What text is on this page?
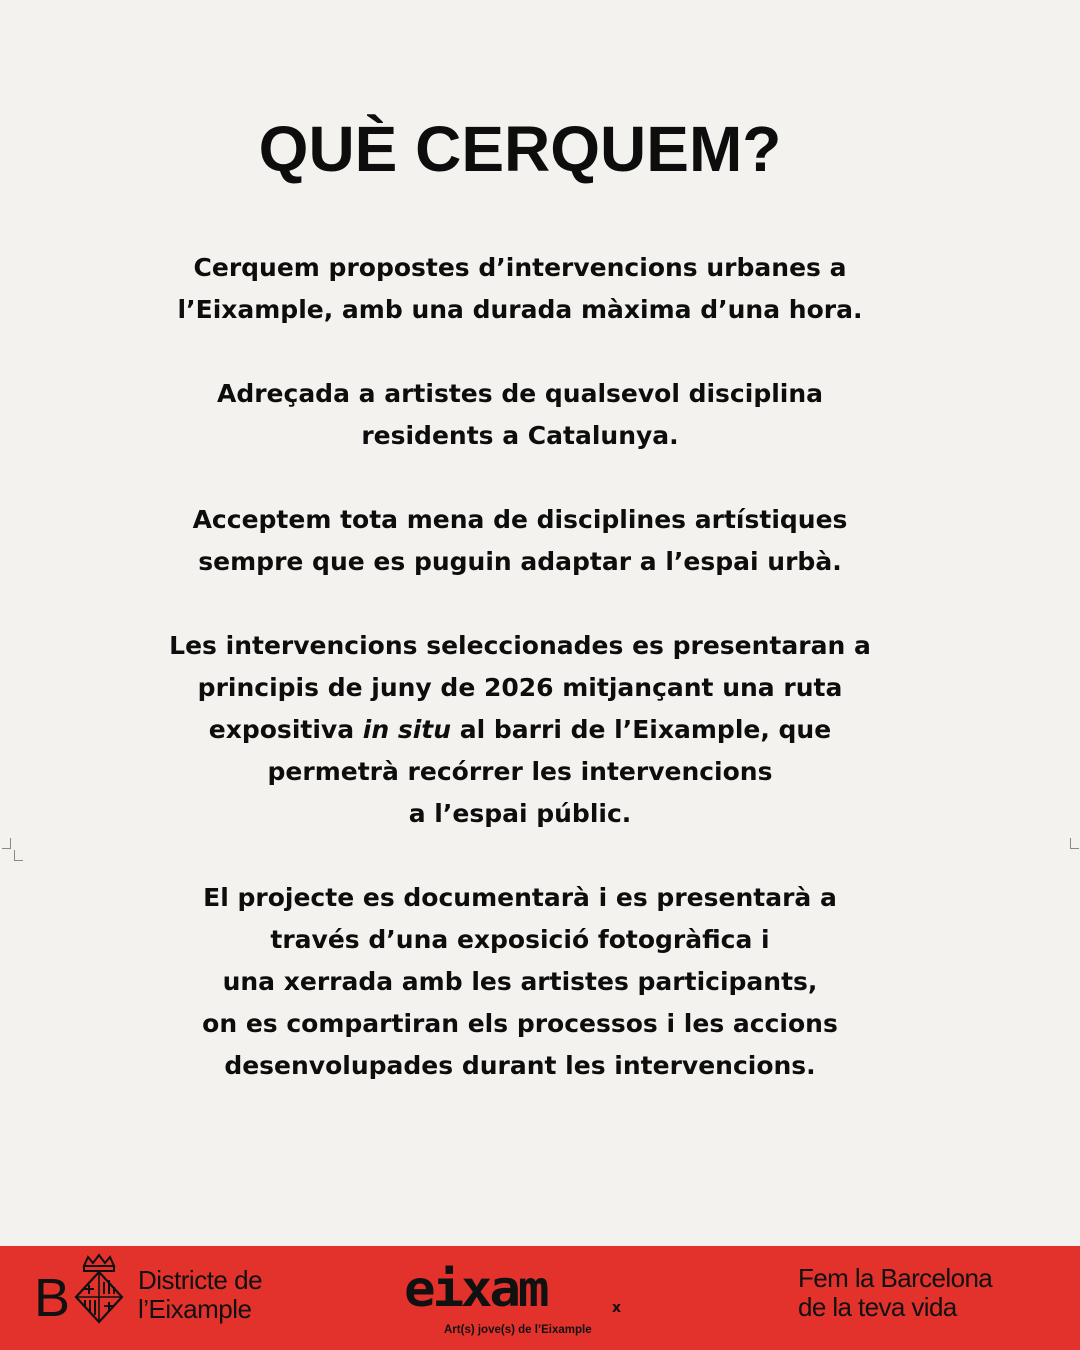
QUÈ CERQUEM?

Cerquem propostes d’intervencions urbanes a
l’Eixample, amb una durada màxima d’una hora.

Adreçada a artistes de qualsevol disciplina
residents a Catalunya.

Acceptem tota mena de disciplines artístiques
sempre que es puguin adaptar a l’espai urbà.

Les intervencions seleccionades es presentaran a
principis de juny de 2026 mitjançant una ruta
expositiva in situ al barri de l’Eixample, que
permetrà recórrer les intervencions
a l’espai públic.

El projecte es documentarà i es presentarà a
través d’una exposició fotogràfica i
una xerrada amb les artistes participants,
on es compartiran els processos i les accions
desenvolupades durant les intervencions.

B	Districte de
l’Eixample	eixam	x
Art(s) jove(s) de l’Eixample
Fem la Barcelona
de la teva vida
